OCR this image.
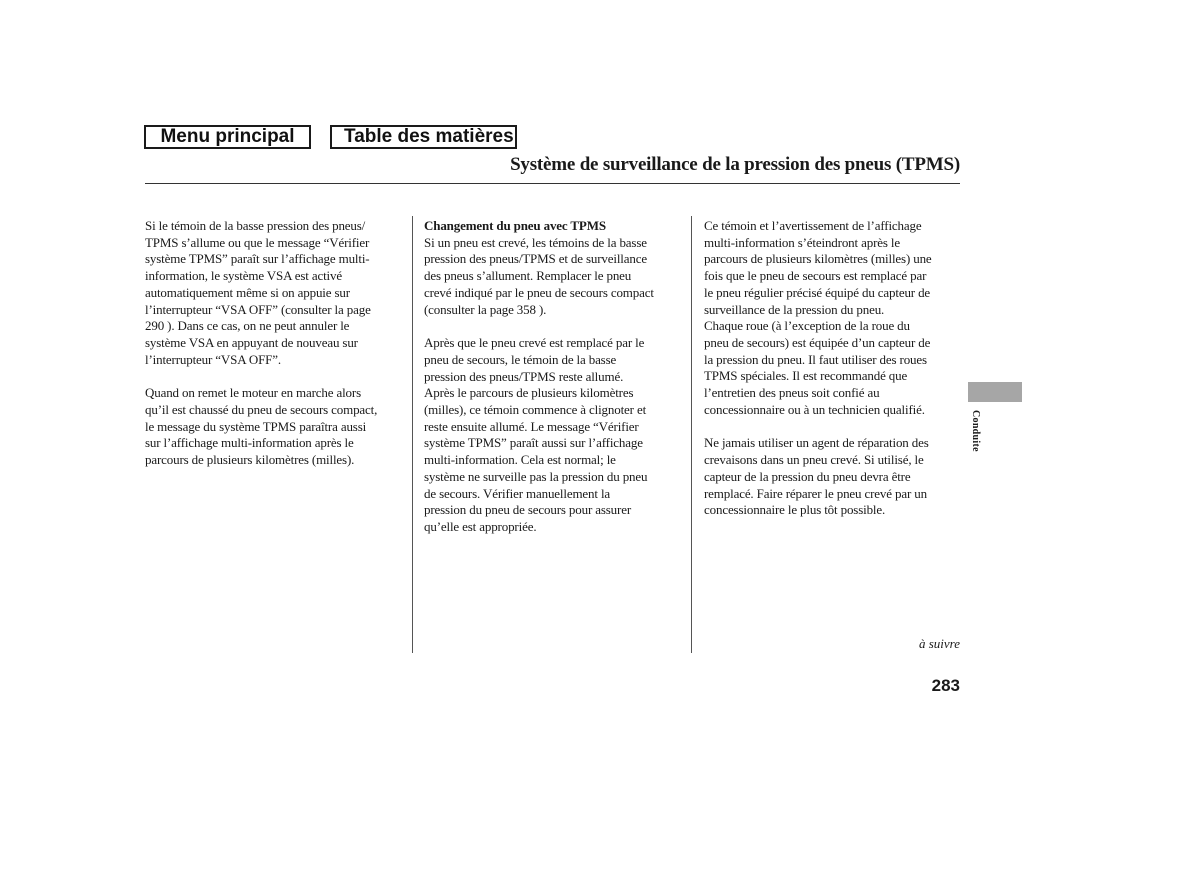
Menu principal	Table des matières
Système de surveillance de la pression des pneus (TPMS)

Si le témoin de la basse pression des pneus/
TPMS s’allume ou que le message “Vérifier
système TPMS” paraît sur l’affichage multi-
information, le système VSA est activé
automatiquement même si on appuie sur
l’interrupteur “VSA OFF” (consulter la page
290 ). Dans ce cas, on ne peut annuler le
système VSA en appuyant de nouveau sur
l’interrupteur “VSA OFF”.

Quand on remet le moteur en marche alors
qu’il est chaussé du pneu de secours compact,
le message du système TPMS paraîtra aussi
sur l’affichage multi-information après le
parcours de plusieurs kilomètres (milles).

Changement du pneu avec TPMS

Si un pneu est crevé, les témoins de la basse
pression des pneus/TPMS et de surveillance
des pneus s’allument. Remplacer le pneu
crevé indiqué par le pneu de secours compact
(consulter la page 358 ).

Après que le pneu crevé est remplacé par le
pneu de secours, le témoin de la basse
pression des pneus/TPMS reste allumé.
Après le parcours de plusieurs kilomètres
(milles), ce témoin commence à clignoter et
reste ensuite allumé. Le message “Vérifier
système TPMS” paraît aussi sur l’affichage
multi-information. Cela est normal; le
système ne surveille pas la pression du pneu
de secours. Vérifier manuellement la
pression du pneu de secours pour assurer
qu’elle est appropriée.

Ce témoin et l’avertissement de l’affichage
multi-information s’éteindront après le
parcours de plusieurs kilomètres (milles) une
fois que le pneu de secours est remplacé par
le pneu régulier précisé équipé du capteur de
surveillance de la pression du pneu.
Chaque roue (à l’exception de la roue du
pneu de secours) est équipée d’un capteur de
la pression du pneu. Il faut utiliser des roues
TPMS spéciales. Il est recommandé que
l’entretien des pneus soit confié au
concessionnaire ou à un technicien qualifié.

Ne jamais utiliser un agent de réparation des
crevaisons dans un pneu crevé. Si utilisé, le
capteur de la pression du pneu devra être
remplacé. Faire réparer le pneu crevé par un
concessionnaire le plus tôt possible.

Conduite
à suivre
283
